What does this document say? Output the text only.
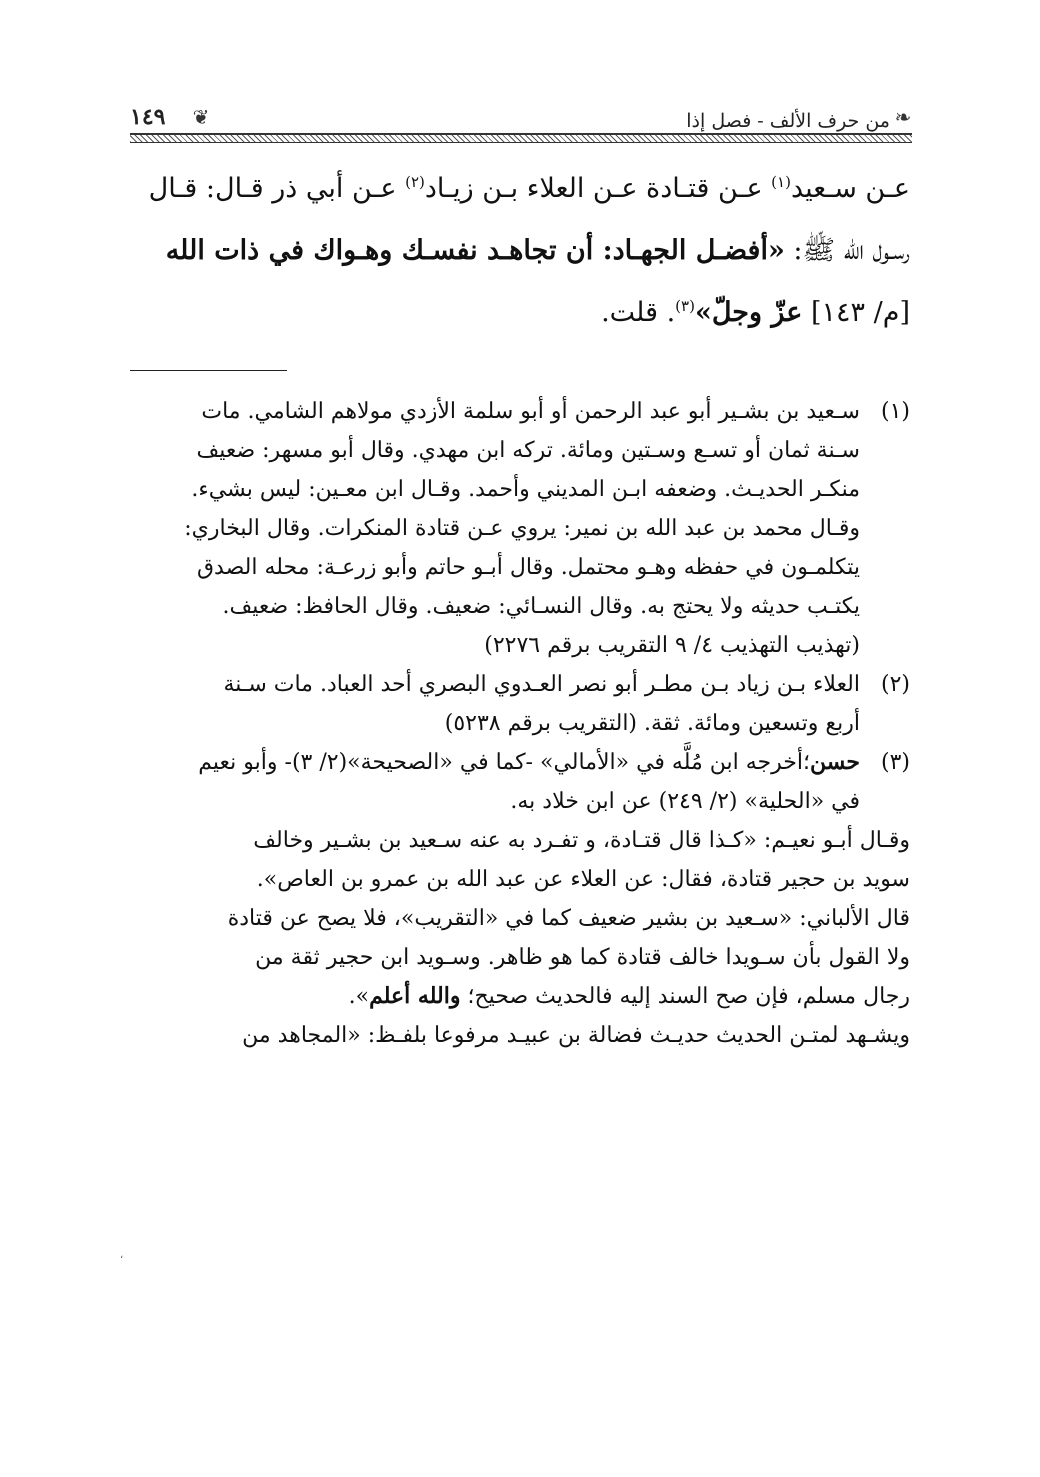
❧
من حرف الألف - فصل إذا
١٤٩ ❦

عـن سـعيد$^{(١)}$ عـن قتـادة عـن العلاء بـن زيـاد$^{(٢)}$ عـن أبي ذر قـال: قـال

رسـول الله ﷺ: «أفضـل الجهـاد: أن تجاهـد نفسـك وهـواك في ذات الله

[م/ ١٤٣] عزّ وجلّ»$^{(٣)}$. قلت.

(١)
سـعيد بن بشـير أبو عبد الرحمن أو أبو سلمة الأزدي مولاهم الشامي. مات
سـنة ثمان أو تسـع وسـتين ومائة. تركه ابن مهدي. وقال أبو مسهر: ضعيف
منكـر الحديـث. وضعفه ابـن المديني وأحمد. وقـال ابن معـين: ليس بشيء.
وقـال محمد بن عبد الله بن نمير: يروي عـن قتادة المنكرات. وقال البخاري:
يتكلمـون في حفظه وهـو محتمل. وقال أبـو حاتم وأبو زرعـة: محله الصدق
يكتـب حديثه ولا يحتج به. وقال النسـائي: ضعيف. وقال الحافظ: ضعيف.
(تهذيب التهذيب ٤/ ٩ التقريب برقم ٢٢٧٦)
(٢)
العلاء بـن زياد بـن مطـر أبو نصر العـدوي البصري أحد العباد. مات سـنة
أربع وتسعين ومائة. ثقة. (التقريب برقم ٥٢٣٨)
(٣)
حسن؛أخرجه ابن مُلَّه في «الأمالي» -كما في «الصحيحة»(٢/ ٣)- وأبو نعيم
في «الحلية» (٢/ ٢٤٩) عن ابن خلاد به.
وقـال أبـو نعيـم: «كـذا قال قتـادة، و تفـرد به عنه سـعيد بن بشـير وخالف
سويد بن حجير قتادة، فقال: عن العلاء عن عبد الله بن عمرو بن العاص».
قال الألباني: «سـعيد بن بشير ضعيف كما في «التقريب»، فلا يصح عن قتادة
ولا القول بأن سـويدا خالف قتادة كما هو ظاهر. وسـويد ابن حجير ثقة من
رجال مسلم، فإن صح السند إليه فالحديث صحيح؛ والله أعلم».
ويشـهد لمتـن الحديث حديـث فضالة بن عبيـد مرفوعا بلفـظ: «المجاهد من
،
